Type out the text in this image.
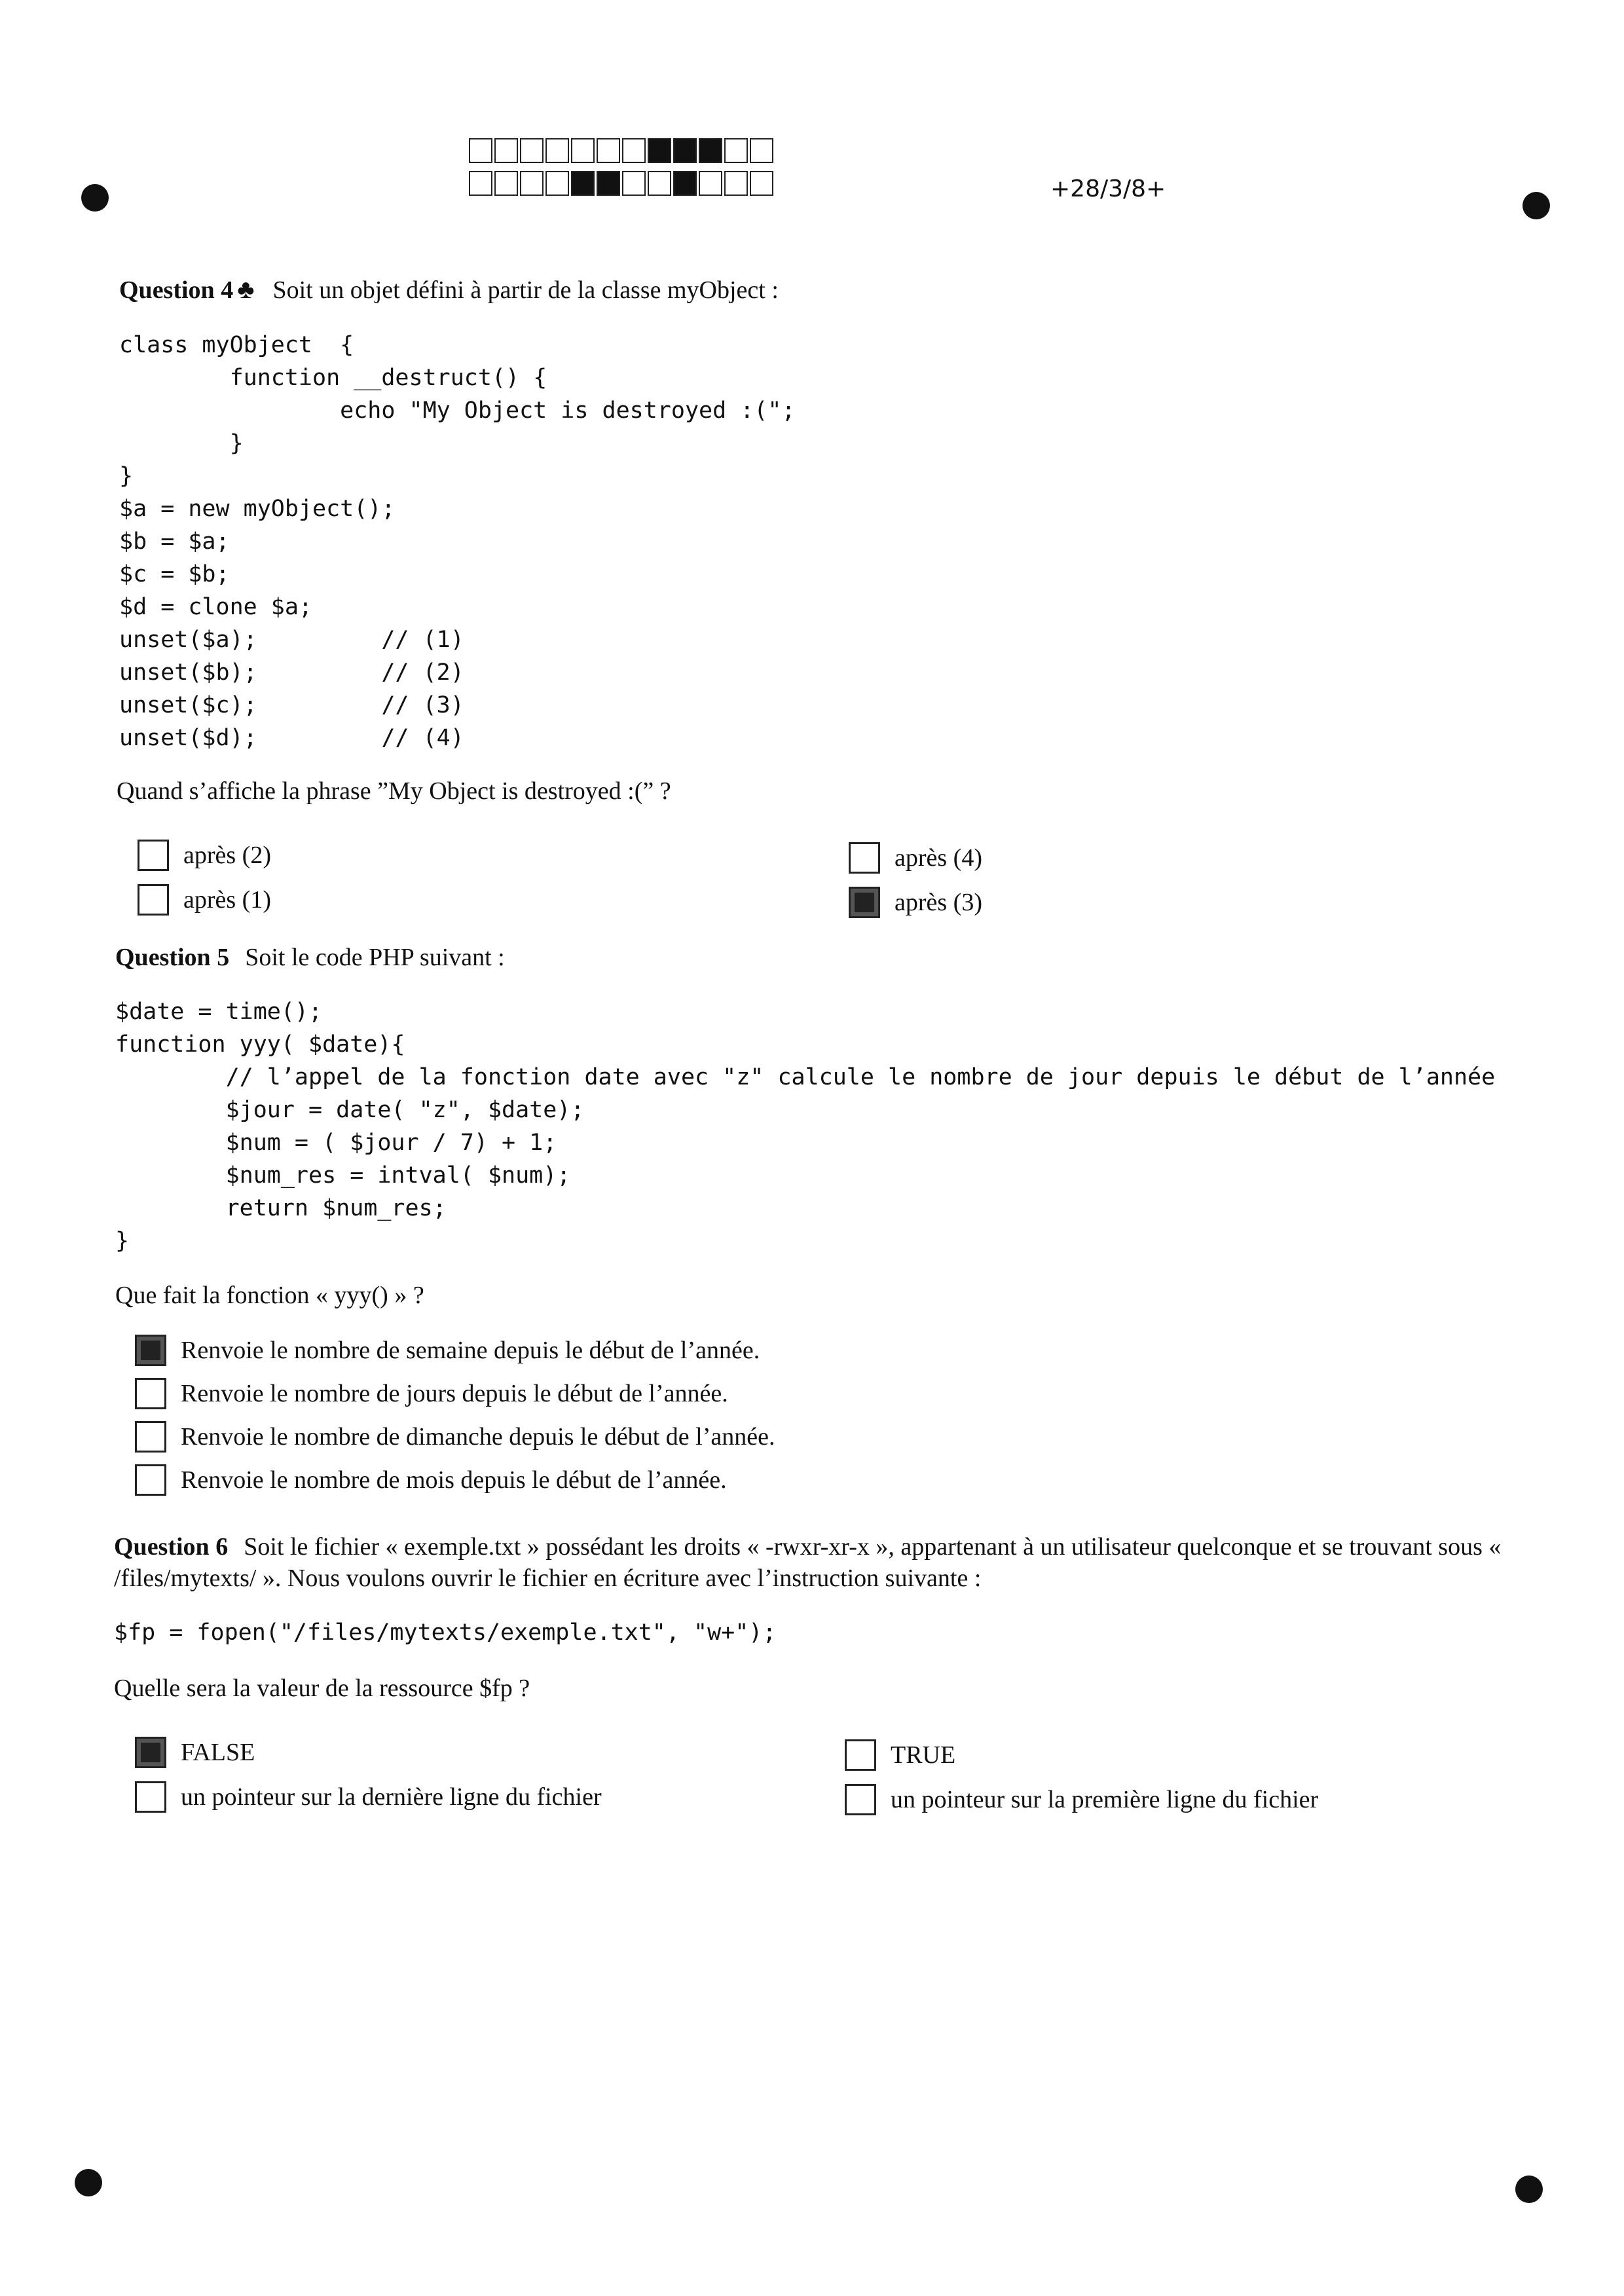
+28/3/8+
Question 4 ♣ Soit un objet défini à partir de la classe myObject :
class myObject  {
function __destruct() {
echo "My Object is destroyed :(";
}
}
$a = new myObject();
$b = $a;
$c = $b;
$d = clone $a;
unset($a);         // (1)
unset($b);         // (2)
unset($c);         // (3)
unset($d);         // (4)
Quand s’affiche la phrase ”My Object is destroyed :(” ?
après (2)
après (1)
après (4)
après (3)
Question 5 Soit le code PHP suivant :
$date = time();
function yyy( $date){
// l’appel de la fonction date avec "z" calcule le nombre de jour depuis le début de l’année
$jour = date( "z", $date);
$num = ( $jour / 7) + 1;
$num_res = intval( $num);
return $num_res;
}
Que fait la fonction « yyy() » ?
Renvoie le nombre de semaine depuis le début de l’année.
Renvoie le nombre de jours depuis le début de l’année.
Renvoie le nombre de dimanche depuis le début de l’année.
Renvoie le nombre de mois depuis le début de l’année.
Question 6 Soit le fichier « exemple.txt » possédant les droits « -rwxr-xr-x », appartenant à un utilisateur quelconque et se trouvant sous « /files/mytexts/ ». Nous voulons ouvrir le fichier en écriture avec l’instruction suivante :
$fp = fopen("/files/mytexts/exemple.txt", "w+");
Quelle sera la valeur de la ressource $fp ?
FALSE
un pointeur sur la dernière ligne du fichier
TRUE
un pointeur sur la première ligne du fichier
